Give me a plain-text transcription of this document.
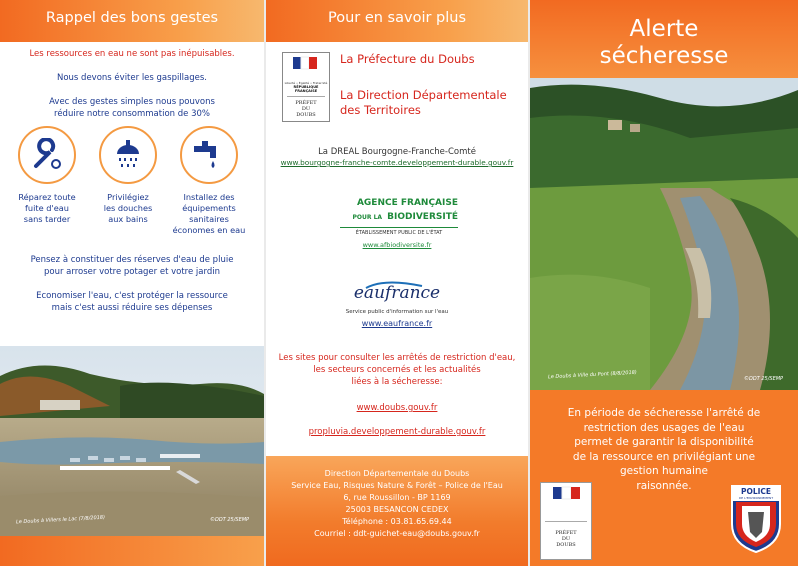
Rappel des bons gestes
Les ressources en eau ne sont pas inépuisables.
Nous devons éviter les gaspillages.
Avec des gestes simples nous pouvons
réduire notre consommation de 30%
Réparez toute
fuite d'eau
sans tarder
Privilégiez
les douches
aux bains
Installez des
équipements
sanitaires
économes en eau
Pensez à constituer des réserves d'eau de pluie
pour arroser votre potager et votre jardin
Economiser l'eau, c'est protéger la ressource
mais c'est aussi réduire ses dépenses
Le Doubs à Villers le Lac (7/8/2018)	©DDT 25/SEMP
Pour en savoir plus
Liberté • Égalité • Fraternité
RÉPUBLIQUE FRANÇAISE
PRÉFET
DU
DOUBS
La Préfecture du Doubs
La Direction Départementale
des Territoires
La DREAL Bourgogne-Franche-Comté
www.bourgogne-franche-comte.developpement-durable.gouv.fr
AGENCE FRANÇAISE
POUR LA BIODIVERSITÉ
ÉTABLISSEMENT PUBLIC DE L'ÉTAT
www.afbiodiversite.fr
eaufrance
Service public d'information sur l'eau
www.eaufrance.fr
Les sites pour consulter les arrêtés de restriction d'eau,
les secteurs concernés et les actualités
liées à la sécheresse:
www.doubs.gouv.fr
propluvia.developpement-durable.gouv.fr
Direction Départementale du Doubs
Service Eau, Risques Nature & Forêt – Police de l'Eau
6, rue Roussillon - BP 1169
25003 BESANCON CEDEX
Téléphone : 03.81.65.69.44
Courriel : ddt-guichet-eau@doubs.gouv.fr
Alerte
sécheresse
Le Doubs à Ville du Pont (8/8/2018)	©DDT 25/SEMP
En période de sécheresse l'arrêté de
restriction des usages de l'eau
permet de garantir la disponibilité
de la ressource en privilégiant une
gestion humaine
raisonnée.
PRÉFET
DU
DOUBS
POLICE
DE L'ENVIRONNEMENT
